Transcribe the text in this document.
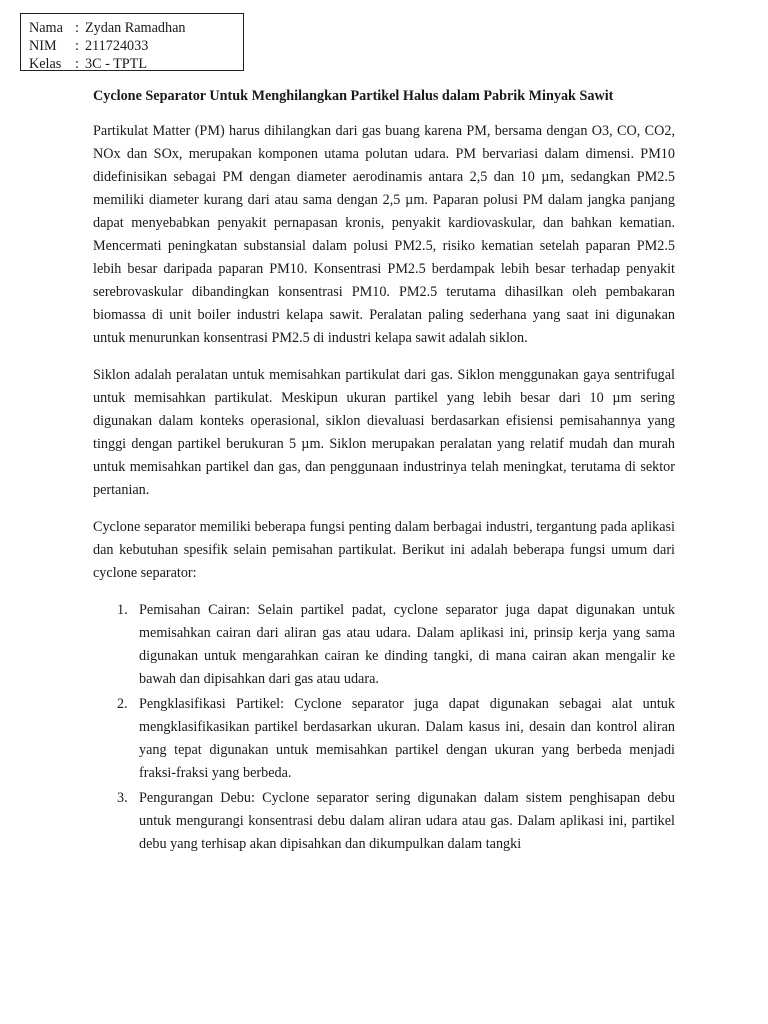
Nama : Zydan Ramadhan
NIM	: 211724033
Kelas : 3C - TPTL
Cyclone Separator Untuk Menghilangkan Partikel Halus dalam Pabrik Minyak Sawit

Partikulat Matter (PM) harus dihilangkan dari gas buang karena PM, bersama dengan O3, CO, CO2, NOx dan SOx, merupakan komponen utama polutan udara. PM bervariasi dalam dimensi. PM10 didefinisikan sebagai PM dengan diameter aerodinamis antara 2,5 dan 10 µm, sedangkan PM2.5 memiliki diameter kurang dari atau sama dengan 2,5 µm. Paparan polusi PM dalam jangka panjang dapat menyebabkan penyakit pernapasan kronis, penyakit kardiovaskular, dan bahkan kematian. Mencermati peningkatan substansial dalam polusi PM2.5, risiko kematian setelah paparan PM2.5 lebih besar daripada paparan PM10. Konsentrasi PM2.5 berdampak lebih besar terhadap penyakit serebrovaskular dibandingkan konsentrasi PM10. PM2.5 terutama dihasilkan oleh pembakaran biomassa di unit boiler industri kelapa sawit. Peralatan paling sederhana yang saat ini digunakan untuk menurunkan konsentrasi PM2.5 di industri kelapa sawit adalah siklon.

Siklon adalah peralatan untuk memisahkan partikulat dari gas. Siklon menggunakan gaya sentrifugal untuk memisahkan partikulat. Meskipun ukuran partikel yang lebih besar dari 10 µm sering digunakan dalam konteks operasional, siklon dievaluasi berdasarkan efisiensi pemisahannya yang tinggi dengan partikel berukuran 5 µm. Siklon merupakan peralatan yang relatif mudah dan murah untuk memisahkan partikel dan gas, dan penggunaan industrinya telah meningkat, terutama di sektor pertanian.

Cyclone separator memiliki beberapa fungsi penting dalam berbagai industri, tergantung pada aplikasi dan kebutuhan spesifik selain pemisahan partikulat. Berikut ini adalah beberapa fungsi umum dari cyclone separator:

1. Pemisahan Cairan: Selain partikel padat, cyclone separator juga dapat digunakan untuk memisahkan cairan dari aliran gas atau udara. Dalam aplikasi ini, prinsip kerja yang sama digunakan untuk mengarahkan cairan ke dinding tangki, di mana cairan akan mengalir ke bawah dan dipisahkan dari gas atau udara.
2. Pengklasifikasi Partikel: Cyclone separator juga dapat digunakan sebagai alat untuk mengklasifikasikan partikel berdasarkan ukuran. Dalam kasus ini, desain dan kontrol aliran yang tepat digunakan untuk memisahkan partikel dengan ukuran yang berbeda menjadi fraksi-fraksi yang berbeda.
3. Pengurangan Debu: Cyclone separator sering digunakan dalam sistem penghisapan debu untuk mengurangi konsentrasi debu dalam aliran udara atau gas. Dalam aplikasi ini, partikel debu yang terhisap akan dipisahkan dan dikumpulkan dalam tangki
